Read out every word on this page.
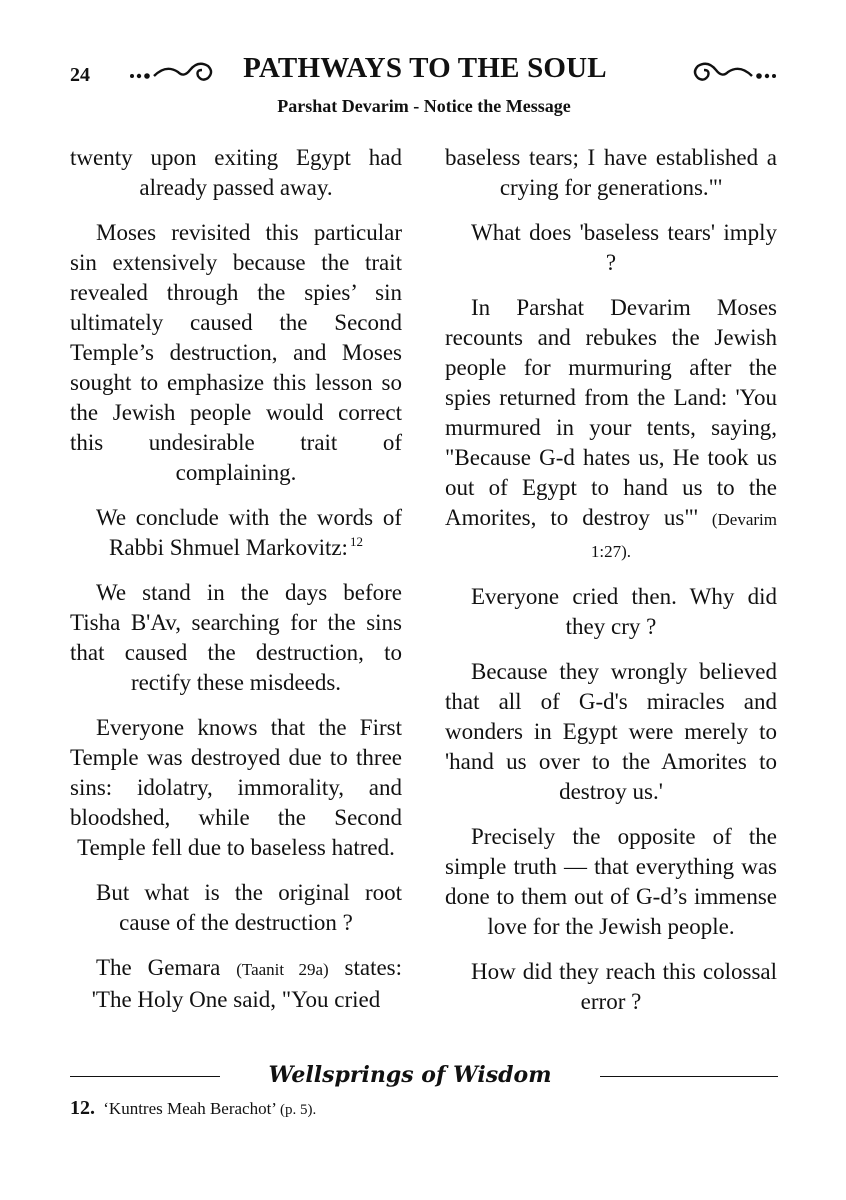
24	PATHWAYS TO THE SOUL
Parshat Devarim - Notice the Message

twenty upon exiting Egypt had already passed away.

Moses revisited this particular sin extensively because the trait revealed through the spies’ sin ultimately caused the Second Temple’s destruction, and Moses sought to emphasize this lesson so the Jewish people would correct this undesirable trait of complaining.

We conclude with the words of Rabbi Shmuel Markovitz: $^{12}$

We stand in the days before Tisha B'Av, searching for the sins that caused the destruction, to rectify these misdeeds.

Everyone knows that the First Temple was destroyed due to three sins: idolatry, immorality, and bloodshed, while the Second Temple fell due to baseless hatred.

But what is the original root cause of the destruction ?

The Gemara (Taanit 29a) states: 'The Holy One said, "You cried

baseless tears; I have established a crying for generations."'

What does 'baseless tears' imply ?

In Parshat Devarim Moses recounts and rebukes the Jewish people for murmuring after the spies returned from the Land: 'You murmured in your tents, saying, "Because G-d hates us, He took us out of Egypt to hand us to the Amorites, to destroy us"' (Devarim 1:27).

Everyone cried then. Why did they cry ?

Because they wrongly believed that all of G-d's miracles and wonders in Egypt were merely to 'hand us over to the Amorites to destroy us.'

Precisely the opposite of the simple truth — that everything was done to them out of G-d’s immense love for the Jewish people.

How did they reach this colossal error ?

Wellsprings of Wisdom
12. ‘Kuntres Meah Berachot’ (p. 5).
